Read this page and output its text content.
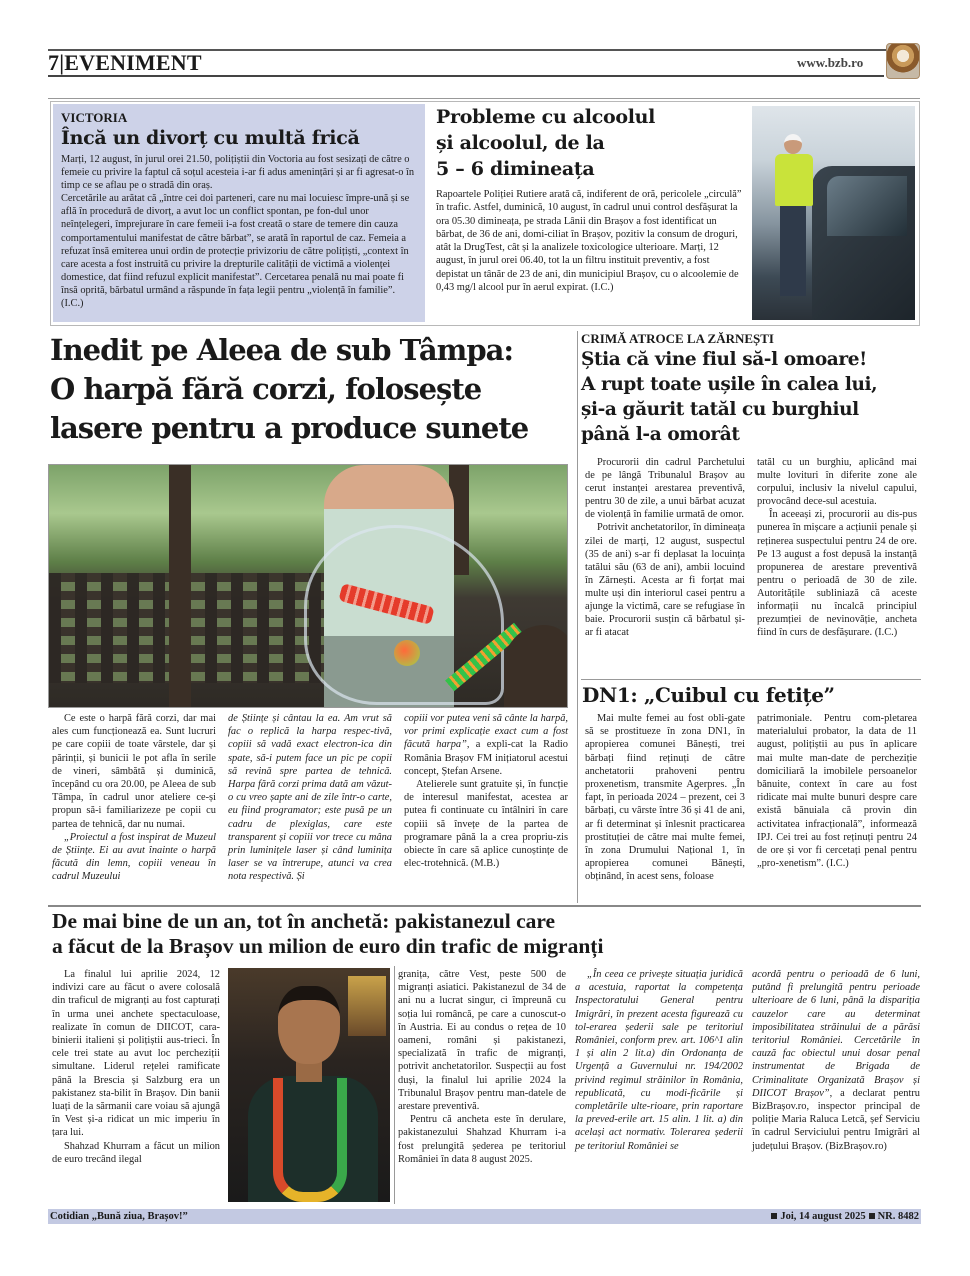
7|EVENIMENT	www.bzb.ro
VICTORIA
Încă un divorț cu multă frică

Marți, 12 august, în jurul orei 21.50, polițiștii din Voctoria au fost sesizați de către o femeie cu privire la faptul că soțul acesteia i-ar fi adus amenințări și ar fi agresat-o în timp ce se aflau pe o stradă din oraș.

Cercetările au arătat că „între cei doi parteneri, care nu mai locuiesc împre-ună și se află în procedură de divorț, a avut loc un conflict spontan, pe fon-dul unor neînțelegeri, împrejurare în care femeii i-a fost creată o stare de temere din cauza comportamentului manifestat de către bărbat”, se arată în raportul de caz. Femeia a refuzat însă emiterea unui ordin de protecție privizoriu de către polițiști, „context în care acesta a fost instruită cu privire la drepturile calității de victimă a violenței domestice, dat fiind refuzul explicit manifestat”. Cercetarea penală nu mai poate fi însă oprită, bărbatul urmând a răspunde în fața legii pentru „violență în familie”. (I.C.)

Probleme cu alcoolul
și alcoolul, de la
5 – 6 dimineața
Rapoartele Poliției Rutiere arată că, indiferent de oră, pericolele „circulă” în trafic. Astfel, duminică, 10 august, în cadrul unui control desfășurat la ora 05.30 dimineața, pe strada Lânii din Brașov a fost identificat un bărbat, de 36 de ani, domi-ciliat în Brașov, pozitiv la consum de droguri, atât la DrugTest, cât și la analizele toxicologice ulterioare. Marți, 12 august, în jurul orei 06.40, tot la un filtru instituit preventiv, a fost depistat un tânăr de 23 de ani, din municipiul Brașov, cu o alcoolemie de 0,43 mg/l alcool pur în aerul expirat. (I.C.)
Inedit pe Aleea de sub Tâmpa:
O harpă fără corzi, folosește
lasere pentru a produce sunete

Ce este o harpă fără corzi, dar mai ales cum funcționează ea. Sunt lucruri pe care copiii de toate vârstele, dar și părinții, și bunicii le pot afla în serile de vineri, sâmbătă și duminică, începând cu ora 20.00, pe Aleea de sub Tâmpa, în cadrul unor ateliere ce-și propun să-i familiarizeze pe copii cu partea de tehnică, dar nu numai.

„Proiectul a fost inspirat de Muzeul de Științe. Ei au avut înainte o harpă făcută din lemn, copiii veneau în cadrul Muzeului

de Științe și cântau la ea. Am vrut să fac o replică la harpa respec-tivă, copiii să vadă exact electron-ica din spate, să-i putem face un pic pe copii să revină spre partea de tehnică. Harpa fără corzi prima dată am văzut-o cu vreo șapte ani de zile într-o carte, eu fiind programator; este pusă pe un cadru de plexiglas, care este transparent și copiii vor trece cu mâna prin luminițele laser și când luminița laser se va întrerupe, atunci va crea nota respectivă. Și

copiii vor putea veni să cânte la harpă, vor primi explicație exact cum a fost făcută harpa”, a expli-cat la Radio România Brașov FM inițiatorul acestui concept, Ștefan Arsene.

Atelierele sunt gratuite și, în funcție de interesul manifestat, acestea ar putea fi continuate cu întâlniri în care copiii să învețe de la partea de programare până la a crea propriu-zis obiecte în care să aplice cunoștințe de elec-trotehnică. (M.B.)

CRIMĂ ATROCE LA ZĂRNEȘTI
Știa că vine fiul să-l omoare!
A rupt toate ușile în calea lui,
și-a găurit tatăl cu burghiul
până l-a omorât

Procurorii din cadrul Parchetului de pe lângă Tribunalul Brașov au cerut instanței arestarea preventivă, pentru 30 de zile, a unui bărbat acuzat de violență în familie urmată de omor.

Potrivit anchetatorilor, în dimineața zilei de marți, 12 august, suspectul (35 de ani) s-ar fi deplasat la locuința tatălui său (63 de ani), ambii locuind în Zărnești. Acesta ar fi forțat mai multe uși din interiorul casei pentru a ajunge la victimă, care se refugiase în baie. Procurorii susțin că bărbatul și-ar fi atacat

tatăl cu un burghiu, aplicând mai multe lovituri în diferite zone ale corpului, inclusiv la nivelul capului, provocând dece-sul acestuia.

În aceeași zi, procurorii au dis-pus punerea în mișcare a acțiunii penale și reținerea suspectului pentru 24 de ore. Pe 13 august a fost depusă la instanță propunerea de arestare preventivă pentru o perioadă de 30 de zile. Autoritățile subliniază că aceste informații nu încalcă principiul prezumției de nevinovăție, ancheta fiind în curs de desfășurare. (I.C.)

DN1: „Cuibul cu fetițe”

Mai multe femei au fost obli-gate să se prostitueze în zona DN1, în apropierea comunei Bănești, trei bărbați fiind reținuți de către anchetatorii prahoveni pentru proxenetism, transmite Agerpres. „În fapt, în perioada 2024 – prezent, cei 3 bărbați, cu vârste între 36 și 41 de ani, ar fi determinat și înlesnit practicarea prostituției de către mai multe femei, în zona Drumului Național 1, în apropierea comunei Bănești, obținând, în acest sens, foloase

patrimoniale. Pentru com-pletarea materialului probator, la data de 11 august, polițiștii au pus în aplicare mai multe man-date de percheziție domiciliară la imobilele persoanelor bănuite, context în care au fost ridicate mai multe bunuri despre care există bănuiala că provin din activitatea infracțională”, informează IPJ. Cei trei au fost reținuți pentru 24 de ore și vor fi cercetați penal pentru „pro-xenetism”. (I.C.)

De mai bine de un an, tot în anchetă: pakistanezul care
a făcut de la Brașov un milion de euro din trafic de migranți

La finalul lui aprilie 2024, 12 indivizi care au făcut o avere colosală din traficul de migranți au fost capturați în urma unei anchete spectaculoase, realizate în comun de DIICOT, cara-binierii italieni și polițiștii aus-trieci. În cele trei state au avut loc percheziții simultane. Liderul rețelei ramificate până la Brescia și Salzburg era un pakistanez sta-bilit în Brașov. Din banii luați de la sărmanii care voiau să ajungă în Vest și-a ridicat un mic imperiu în țara lui.

Shahzad Khurram a făcut un milion de euro trecând ilegal

granița, către Vest, peste 500 de migranți asiatici. Pakistanezul de 34 de ani nu a lucrat singur, ci împreună cu soția lui româncă, pe care a cunoscut-o în Austria. Ei au condus o rețea de 10 oameni, români și pakistanezi, specializată în trafic de migranți, potrivit anchetatorilor. Suspecții au fost duși, la finalul lui aprilie 2024 la Tribunalul Brașov pentru man-datele de arestare preventivă.

Pentru că ancheta este în derulare, pakistanezului Shahzad Khurram i-a fost prelungită șederea pe teritoriul României în data 8 august 2025.

„În ceea ce privește situația juridică a acestuia, raportat la competența Inspectoratului General pentru Imigrări, în prezent acesta figurează cu tol-erarea șederii sale pe teritoriul României, conform prev. art. 106^1 alin 1 și alin 2 lit.a) din Ordonanța de Urgență a Guvernului nr. 194/2002 privind regimul străinilor în România, republicată, cu modi-ficările și completările ulte-rioare, prin raportare la preved-erile art. 15 alin. 1 lit. a) din același act normativ. Tolerarea șederii pe teritoriul României se

acordă pentru o perioadă de 6 luni, putând fi prelungită pentru perioade ulterioare de 6 luni, până la dispariția cauzelor care au determinat imposibilitatea străinului de a părăsi teritoriul României. Cercetările în cauză fac obiectul unui dosar penal instrumentat de Brigada de Criminalitate Organizată Brașov și DIICOT Brașov”, a declarat pentru BizBrașov.ro, inspector principal de poliție Maria Raluca Letcă, șef Serviciu în cadrul Serviciului pentru Imigrări al județului Brașov. (BizBrașov.ro)

Cotidian „Bună ziua, Brașov!”	Joi, 14 august 2025 NR. 8482
